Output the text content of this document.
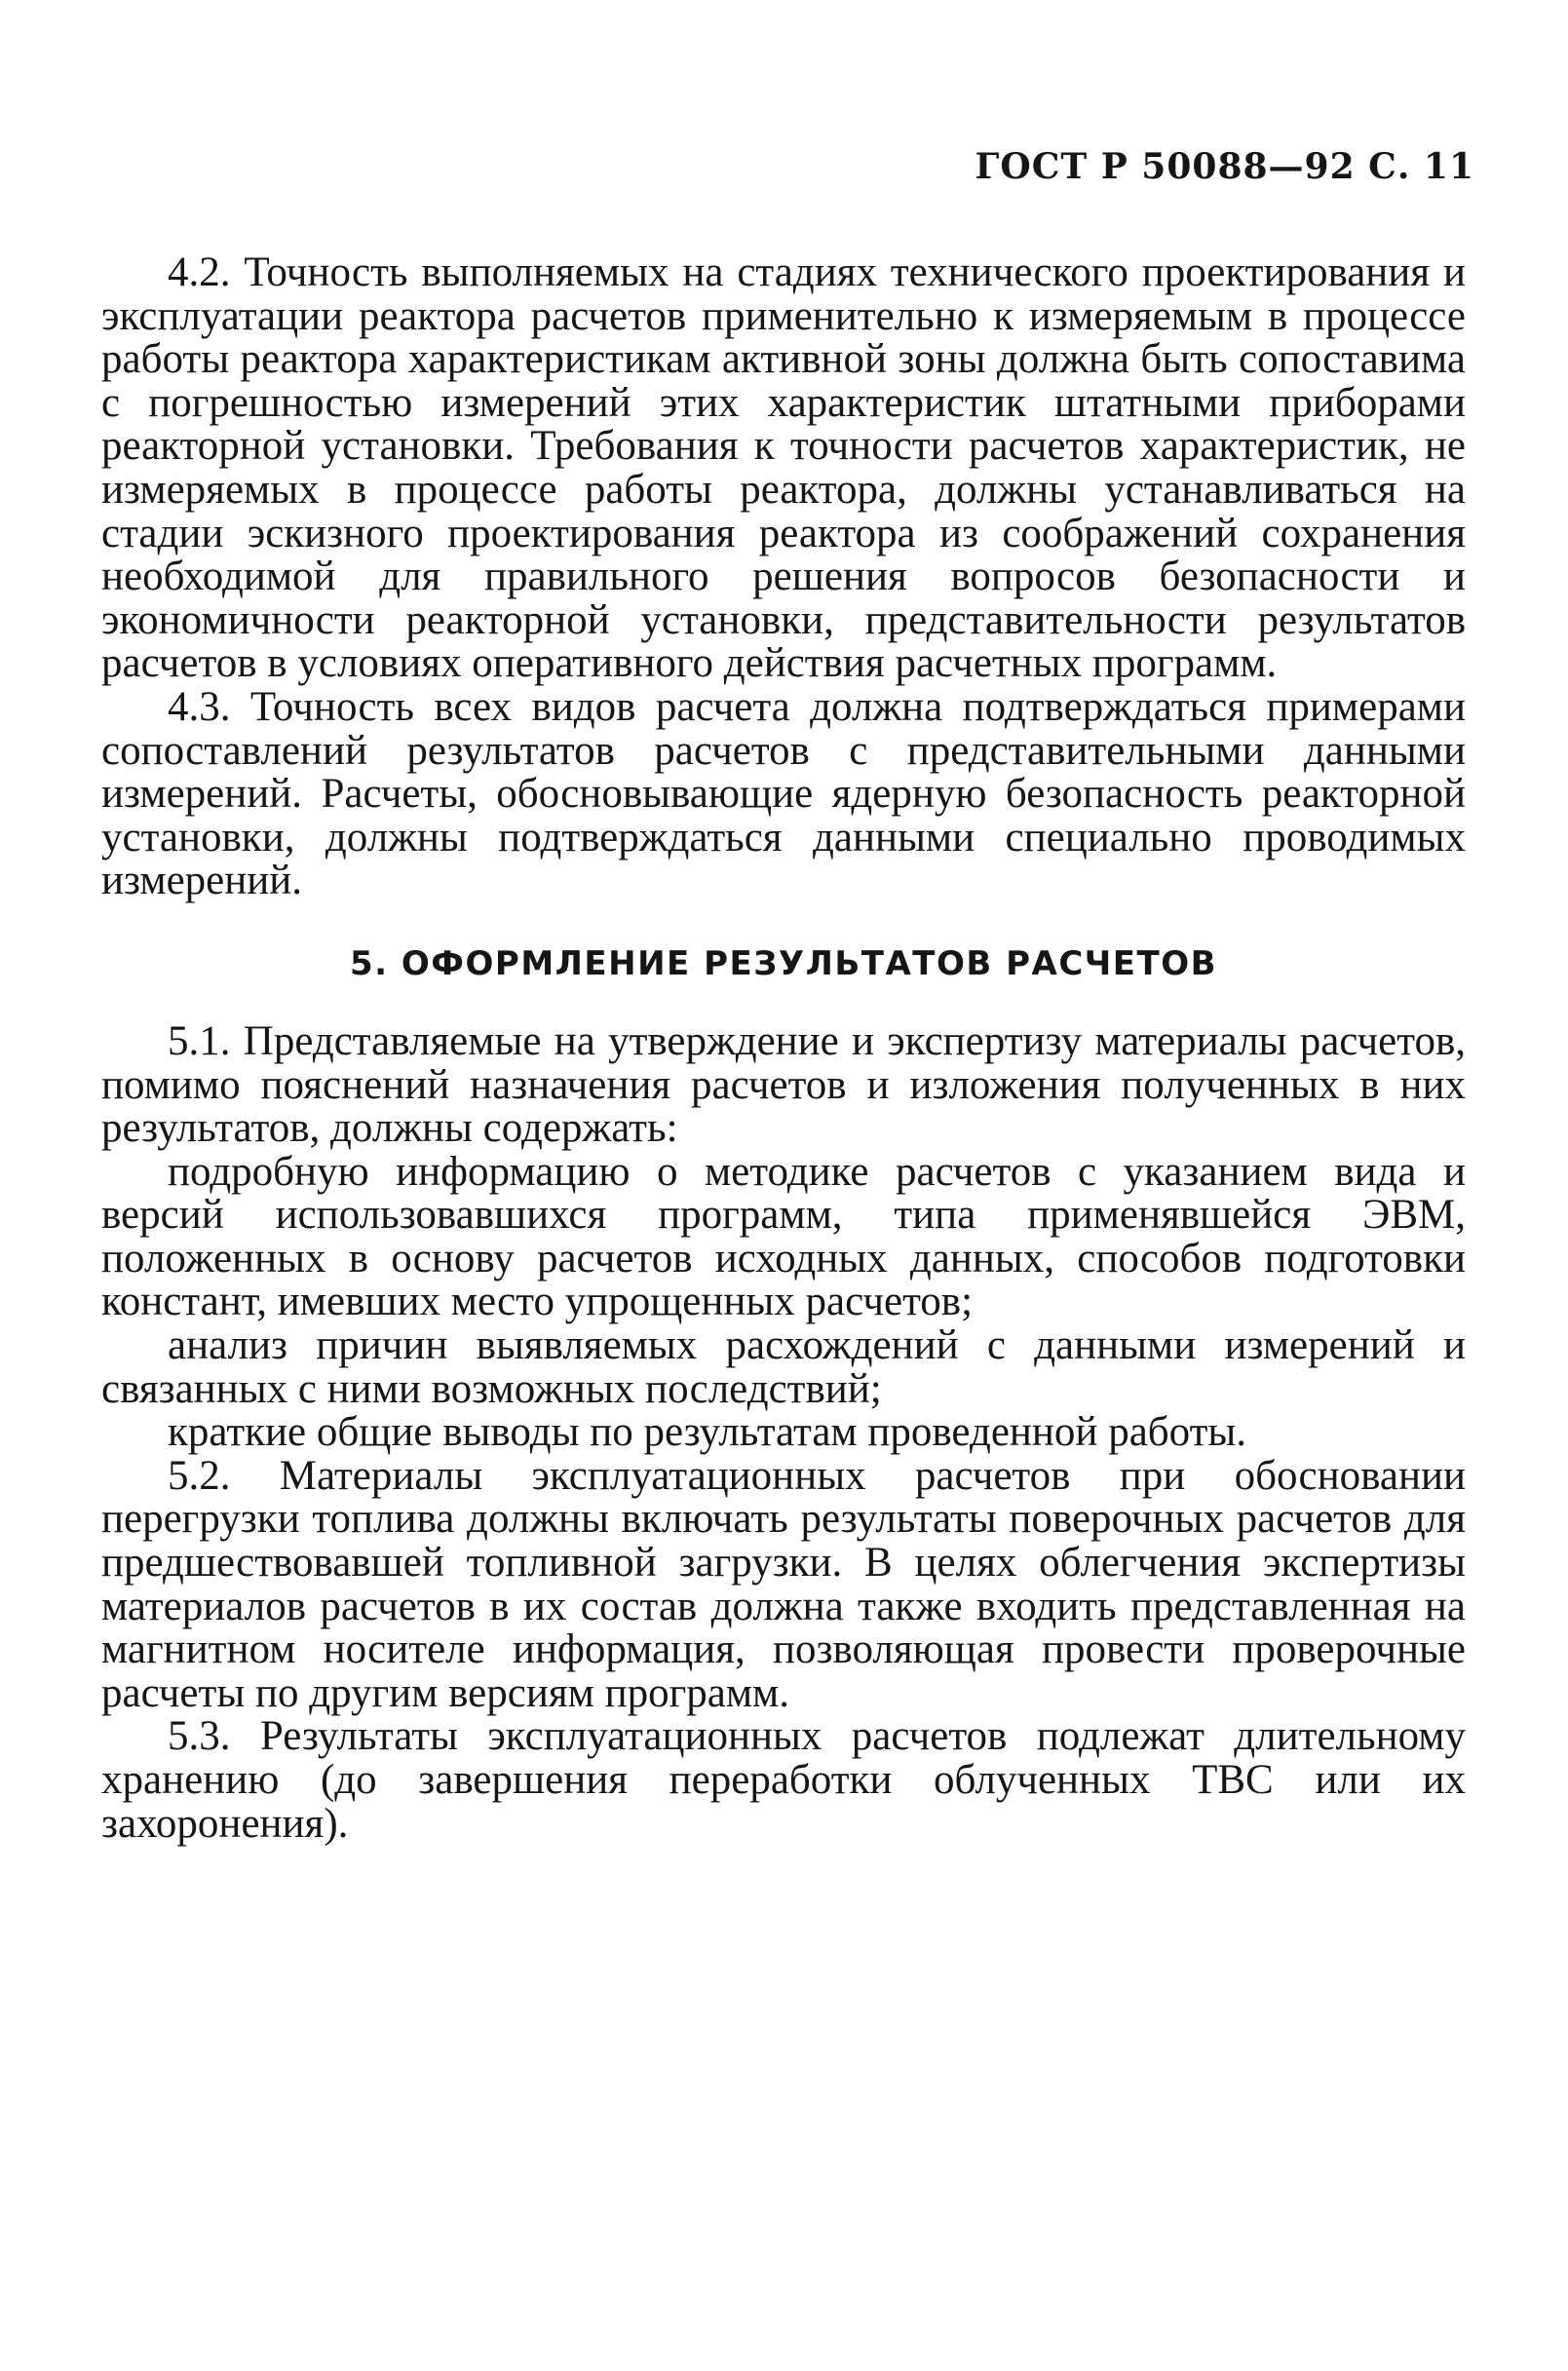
ГОСТ Р 50088—92 С. 11

4.2. Точность выполняемых на стадиях технического проектирования и эксплуатации реактора расчетов применительно к измеряемым в процессе работы реактора характеристикам активной зоны должна быть сопоставима с погрешностью измерений этих характеристик штатными приборами реакторной установки. Требования к точности расчетов характеристик, не измеряемых в процессе работы реактора, должны устанавливаться на стадии эскизного проектирования реактора из соображений сохранения необходимой для правильного решения вопросов безопасности и экономичности реакторной установки, представительности результатов расчетов в условиях оперативного действия расчетных программ.

4.3. Точность всех видов расчета должна подтверждаться примерами сопоставлений результатов расчетов с представительными данными измерений. Расчеты, обосновывающие ядерную безопасность реакторной установки, должны подтверждаться данными специально проводимых измерений.

5. ОФОРМЛЕНИЕ РЕЗУЛЬТАТОВ РАСЧЕТОВ

5.1. Представляемые на утверждение и экспертизу материалы расчетов, помимо пояснений назначения расчетов и изложения полученных в них результатов, должны содержать:

подробную информацию о методике расчетов с указанием вида и версий использовавшихся программ, типа применявшейся ЭВМ, положенных в основу расчетов исходных данных, способов подготовки констант, имевших место упрощенных расчетов;

анализ причин выявляемых расхождений с данными измерений и связанных с ними возможных последствий;

краткие общие выводы по результатам проведенной работы.

5.2. Материалы эксплуатационных расчетов при обосновании перегрузки топлива должны включать результаты поверочных расчетов для предшествовавшей топливной загрузки. В целях облегчения экспертизы материалов расчетов в их состав должна также входить представленная на магнитном носителе информация, позволяющая провести проверочные расчеты по другим версиям программ.

5.3. Результаты эксплуатационных расчетов подлежат длительному хранению (до завершения переработки облученных ТВС или их захоронения).
